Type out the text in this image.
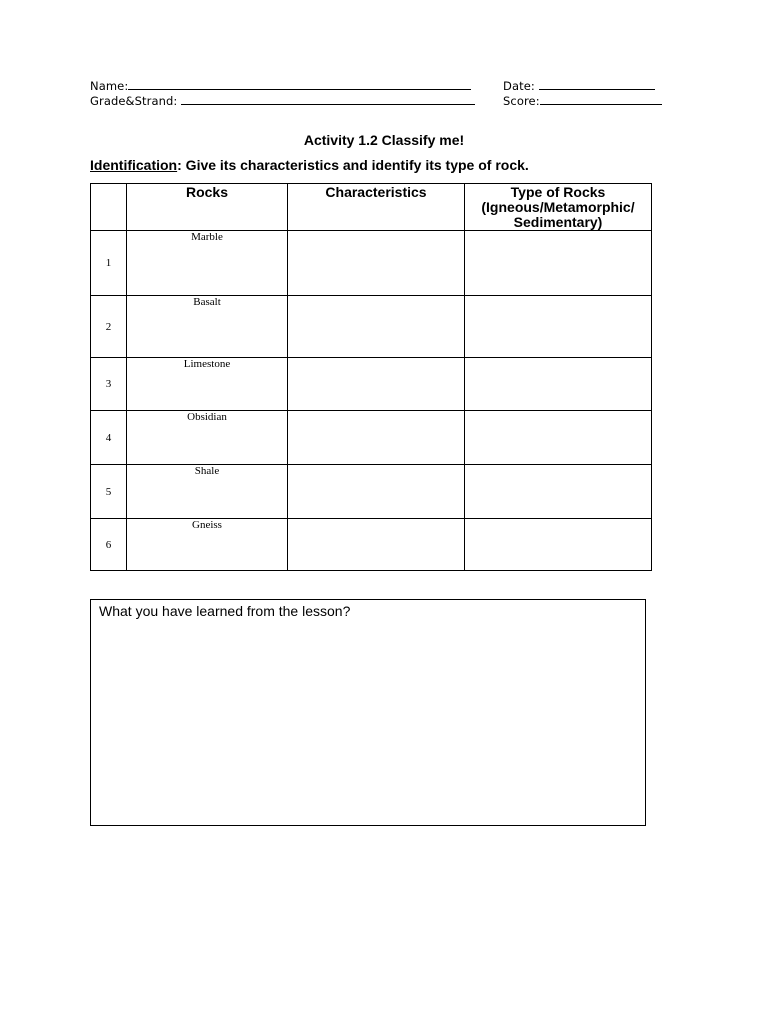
Name:
Grade&Strand:
Date:
Score:
Activity 1.2 Classify me!
Identification: Give its characteristics and identify its type of rock.
	Rocks	Characteristics	Type of Rocks (Igneous/Metamorphic/ Sedimentary)
1	Marble		
2	Basalt		
3	Limestone		
4	Obsidian		
5	Shale		
6	Gneiss		
What you have learned from the lesson?
